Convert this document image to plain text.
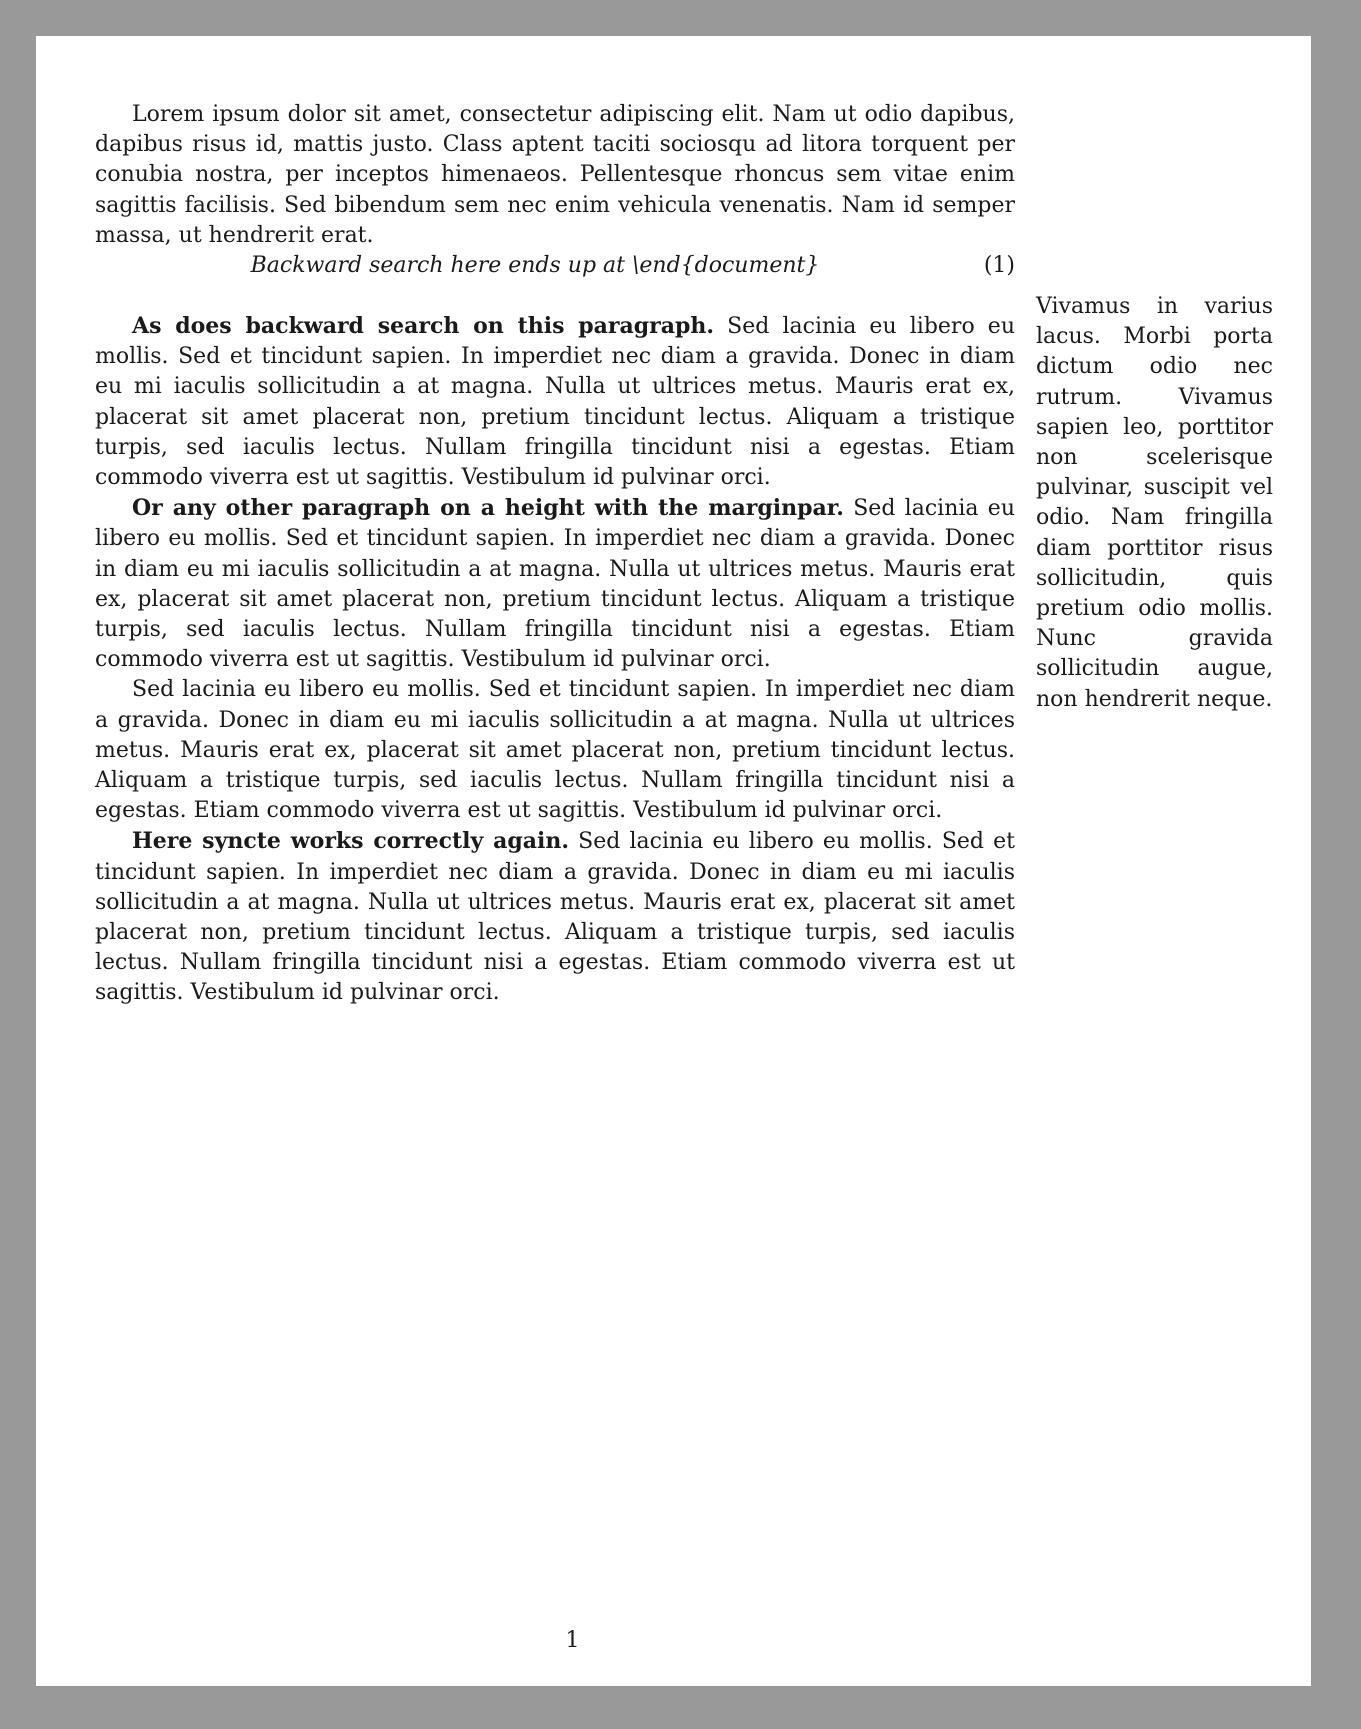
Lorem ipsum dolor sit amet, consectetur adipiscing elit. Nam ut odio dapibus, dapibus risus id, mattis justo. Class aptent taciti sociosqu ad litora torquent per conubia nostra, per inceptos himenaeos. Pellentesque rhoncus sem vitae enim sagittis facilisis. Sed bibendum sem nec enim vehicula venenatis. Nam id semper massa, ut hendrerit erat.

Backward search here ends up at \end{document}	(1)

As does backward search on this paragraph. Sed lacinia eu libero eu mollis. Sed et tincidunt sapien. In imperdiet nec diam a gravida. Donec in diam eu mi iaculis sollicitudin a at magna. Nulla ut ultrices metus. Mauris erat ex, placerat sit amet placerat non, pretium tincidunt lectus. Aliquam a tristique turpis, sed iaculis lectus. Nullam fringilla tincidunt nisi a egestas. Etiam commodo viverra est ut sagittis. Vestibulum id pulvinar orci.

Or any other paragraph on a height with the marginpar. Sed lacinia eu libero eu mollis. Sed et tincidunt sapien. In imperdiet nec diam a gravida. Donec in diam eu mi iaculis sollicitudin a at magna. Nulla ut ultrices metus. Mauris erat ex, placerat sit amet placerat non, pretium tincidunt lectus. Aliquam a tristique turpis, sed iaculis lectus. Nullam fringilla tincidunt nisi a egestas. Etiam commodo viverra est ut sagittis. Vestibulum id pulvinar orci.

Sed lacinia eu libero eu mollis. Sed et tincidunt sapien. In imperdiet nec diam a gravida. Donec in diam eu mi iaculis sollicitudin a at magna. Nulla ut ultrices metus. Mauris erat ex, placerat sit amet placerat non, pretium tincidunt lectus. Aliquam a tristique turpis, sed iaculis lectus. Nullam fringilla tincidunt nisi a egestas. Etiam commodo viverra est ut sagittis. Vestibulum id pulvinar orci.

Here syncte works correctly again. Sed lacinia eu libero eu mollis. Sed et tincidunt sapien. In imperdiet nec diam a gravida. Donec in diam eu mi iaculis sollicitudin a at magna. Nulla ut ultrices metus. Mauris erat ex, placerat sit amet placerat non, pretium tincidunt lectus. Aliquam a tristique turpis, sed iaculis lectus. Nullam fringilla tincidunt nisi a egestas. Etiam commodo viverra est ut sagittis. Vestibulum id pulvinar orci.

Vivamus in varius lacus. Morbi porta dictum odio nec rutrum. Vivamus sapien leo, porttitor non scelerisque pulvinar, suscipit vel odio. Nam fringilla diam porttitor risus sollicitudin, quis pretium odio mollis. Nunc gravida sollicitudin augue, non hendrerit neque.
1
